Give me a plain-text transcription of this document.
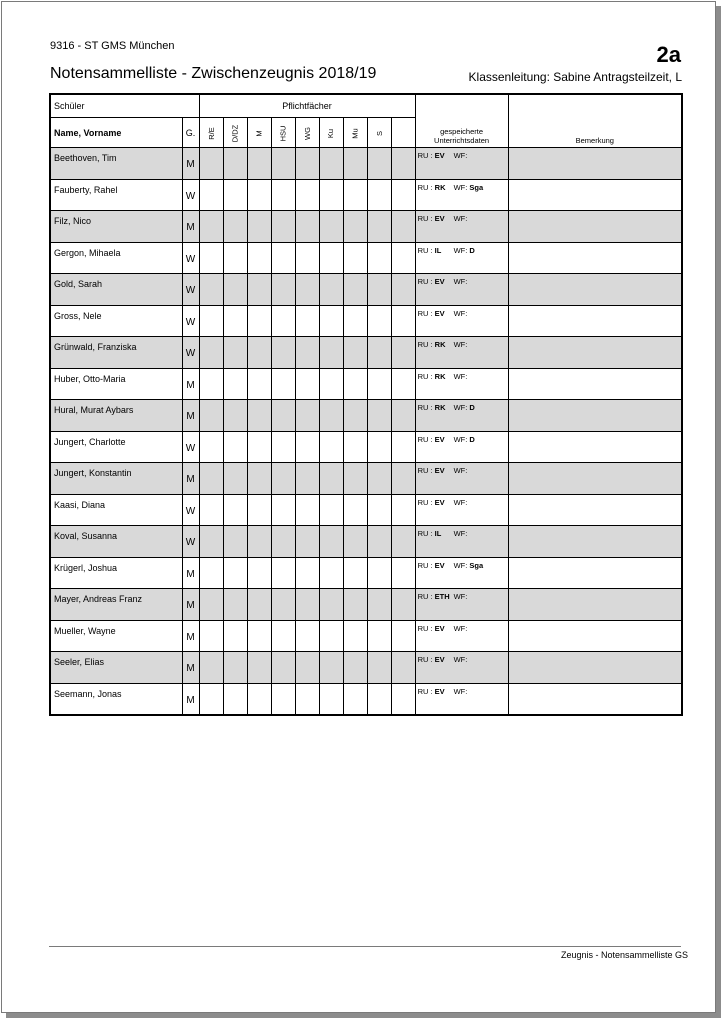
9316 - ST GMS München
Notensammelliste - Zwischenzeugnis 2018/19
2a
Klassenleitung: Sabine Antragsteilzeit, L
Schüler		Pflichtfächer									gespeicherte Unterrichtsdaten	Bemerkung
Name, Vorname	G.	R/E	D/DZ	M	HSU	WG	Ku	Mu	S			
Beethoven, Tim	M										RU : EV WF:	
Fauberty, Rahel	W										RU : RK WF: Sga	
Filz, Nico	M										RU : EV WF:	
Gergon, Mihaela	W										RU : IL WF: D	
Gold, Sarah	W										RU : EV WF:	
Gross, Nele	W										RU : EV WF:	
Grünwald, Franziska	W										RU : RK WF:	
Huber, Otto-Maria	M										RU : RK WF:	
Hural, Murat Aybars	M										RU : RK WF: D	
Jungert, Charlotte	W										RU : EV WF: D	
Jungert, Konstantin	M										RU : EV WF:	
Kaasi, Diana	W										RU : EV WF:	
Koval, Susanna	W										RU : IL WF:	
Krügerl, Joshua	M										RU : EV WF: Sga	
Mayer, Andreas Franz	M										RU : ETH WF:	
Mueller, Wayne	M										RU : EV WF:	
Seeler, Elias	M										RU : EV WF:	
Seemann, Jonas	M										RU : EV WF:	
Zeugnis - Notensammelliste GS
